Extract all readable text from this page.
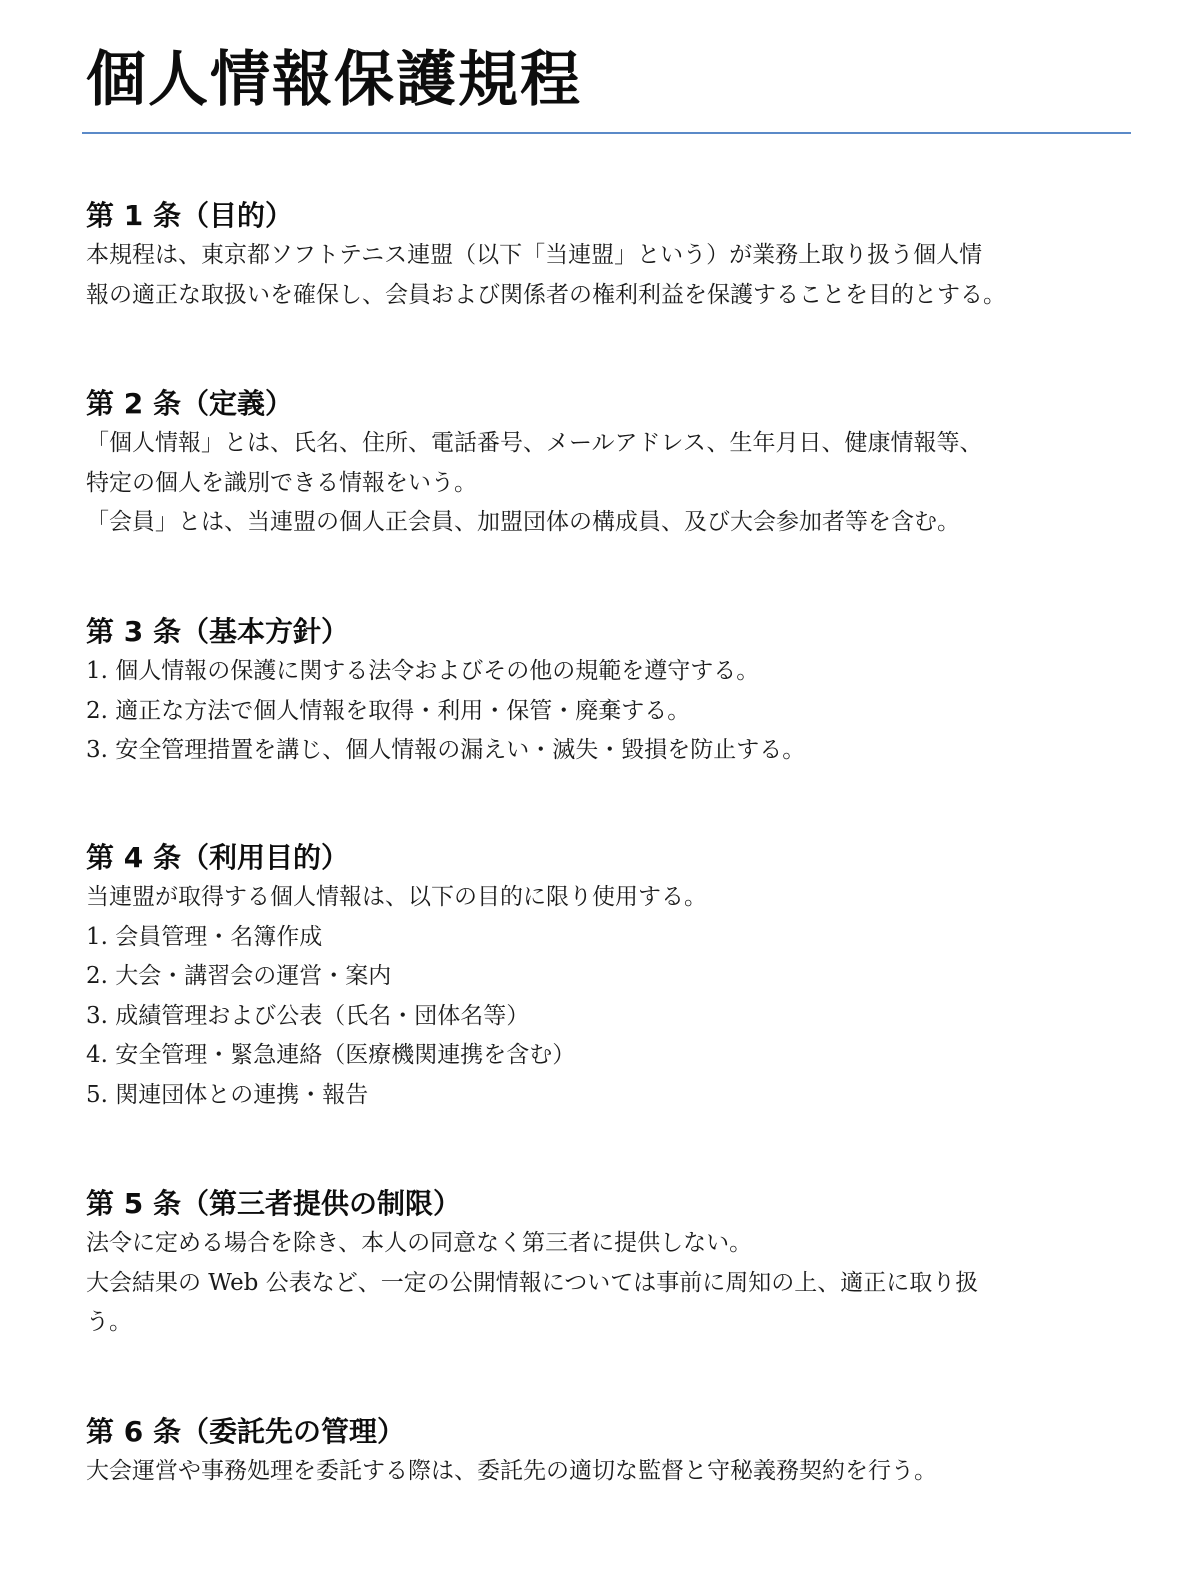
個人情報保護規程
第 1 条（目的）

本規程は、東京都ソフトテニス連盟（以下「当連盟」という）が業務上取り扱う個人情
報の適正な取扱いを確保し、会員および関係者の権利利益を保護することを目的とする。

第 2 条（定義）

「個人情報」とは、氏名、住所、電話番号、メールアドレス、生年月日、健康情報等、
特定の個人を識別できる情報をいう。
「会員」とは、当連盟の個人正会員、加盟団体の構成員、及び大会参加者等を含む。

第 3 条（基本方針）

1. 個人情報の保護に関する法令およびその他の規範を遵守する。
2. 適正な方法で個人情報を取得・利用・保管・廃棄する。
3. 安全管理措置を講じ、個人情報の漏えい・滅失・毀損を防止する。

第 4 条（利用目的）

当連盟が取得する個人情報は、以下の目的に限り使用する。
1. 会員管理・名簿作成
2. 大会・講習会の運営・案内
3. 成績管理および公表（氏名・団体名等）
4. 安全管理・緊急連絡（医療機関連携を含む）
5. 関連団体との連携・報告

第 5 条（第三者提供の制限）

法令に定める場合を除き、本人の同意なく第三者に提供しない。
大会結果の Web 公表など、一定の公開情報については事前に周知の上、適正に取り扱
う。

第 6 条（委託先の管理）

大会運営や事務処理を委託する際は、委託先の適切な監督と守秘義務契約を行う。
